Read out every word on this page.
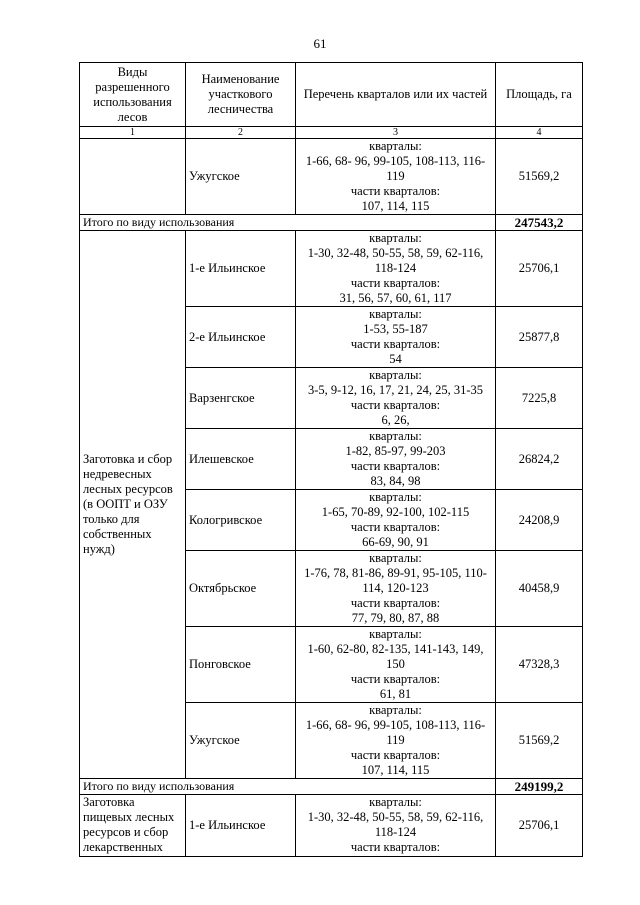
61
Виды разрешенного использования лесов	Наименование участкового лесничества	Перечень кварталов или их частей	Площадь, га
1	2	3	4
	Ужугское	кварталы:
1-66, 68- 96, 99-105, 108-113, 116-119
части кварталов:
107, 114, 115	51569,2
Итого по виду использования			247543,2
Заготовка и сбор недревесных лесных ресурсов (в ООПТ и ОЗУ только для собственных нужд)	1-е Ильинское	кварталы:
1-30, 32-48, 50-55, 58, 59, 62-116, 118-124
части кварталов:
31, 56, 57, 60, 61, 117	25706,1
	2-е Ильинское	кварталы:
1-53, 55-187
части кварталов:
54	25877,8
	Варзенгское	кварталы:
3-5, 9-12, 16, 17, 21, 24, 25, 31-35
части кварталов:
6, 26,	7225,8
	Илешевское	кварталы:
1-82, 85-97, 99-203
части кварталов:
83, 84, 98	26824,2
	Кологривское	кварталы:
1-65, 70-89, 92-100, 102-115
части кварталов:
66-69, 90, 91	24208,9
	Октябрьское	кварталы:
1-76, 78, 81-86, 89-91, 95-105, 110-114, 120-123
части кварталов:
77, 79, 80, 87, 88	40458,9
	Понговское	кварталы:
1-60, 62-80, 82-135, 141-143, 149, 150
части кварталов:
61, 81	47328,3
	Ужугское	кварталы:
1-66, 68- 96, 99-105, 108-113, 116-119
части кварталов:
107, 114, 115	51569,2
Итого по виду использования			249199,2
Заготовка пищевых лесных ресурсов и сбор лекарственных	1-е Ильинское	кварталы:
1-30, 32-48, 50-55, 58, 59, 62-116, 118-124
части кварталов:	25706,1
